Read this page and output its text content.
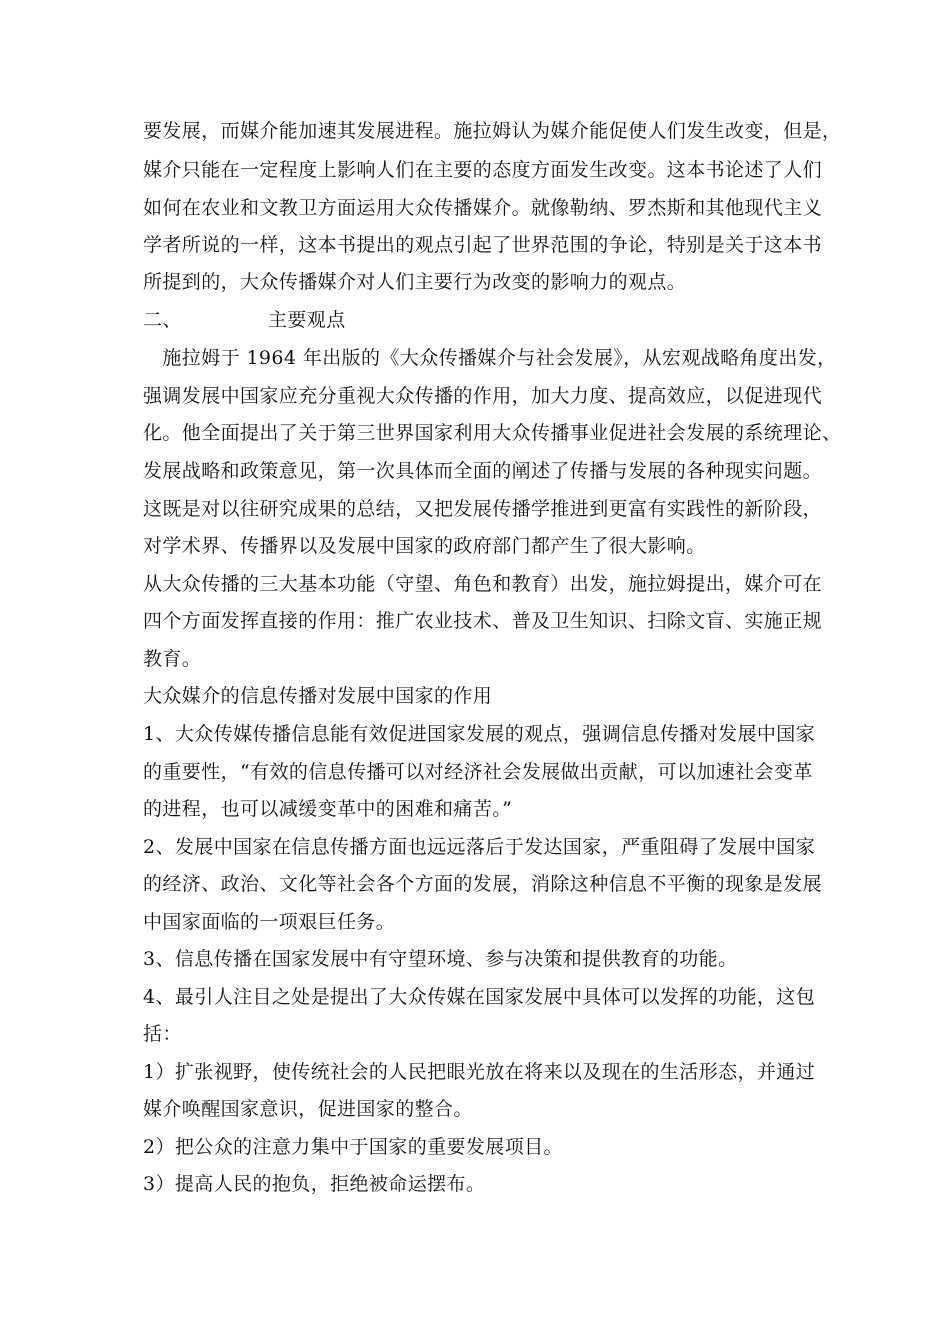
要发展，而媒介能加速其发展进程。施拉姆认为媒介能促使人们发生改变，但是，
媒介只能在一定程度上影响人们在主要的态度方面发生改变。这本书论述了人们
如何在农业和文教卫方面运用大众传播媒介。就像勒纳、罗杰斯和其他现代主义
学者所说的一样，这本书提出的观点引起了世界范围的争论，特别是关于这本书
所提到的，大众传播媒介对人们主要行为改变的影响力的观点。
二、	主要观点
　施拉姆于 1964 年出版的《大众传播媒介与社会发展》，从宏观战略角度出发，
强调发展中国家应充分重视大众传播的作用，加大力度、提高效应，以促进现代
化。他全面提出了关于第三世界国家利用大众传播事业促进社会发展的系统理论、
发展战略和政策意见，第一次具体而全面的阐述了传播与发展的各种现实问题。
这既是对以往研究成果的总结，又把发展传播学推进到更富有实践性的新阶段，
对学术界、传播界以及发展中国家的政府部门都产生了很大影响。
从大众传播的三大基本功能（守望、角色和教育）出发，施拉姆提出，媒介可在
四个方面发挥直接的作用：推广农业技术、普及卫生知识、扫除文盲、实施正规
教育。
大众媒介的信息传播对发展中国家的作用
1、大众传媒传播信息能有效促进国家发展的观点，强调信息传播对发展中国家
的重要性，“有效的信息传播可以对经济社会发展做出贡献，可以加速社会变革
的进程，也可以减缓变革中的困难和痛苦。”
2、发展中国家在信息传播方面也远远落后于发达国家，严重阻碍了发展中国家
的经济、政治、文化等社会各个方面的发展，消除这种信息不平衡的现象是发展
中国家面临的一项艰巨任务。
3、信息传播在国家发展中有守望环境、参与决策和提供教育的功能。
4、最引人注目之处是提出了大众传媒在国家发展中具体可以发挥的功能，这包
括：
1）扩张视野，使传统社会的人民把眼光放在将来以及现在的生活形态，并通过
媒介唤醒国家意识，促进国家的整合。
2）把公众的注意力集中于国家的重要发展项目。
3）提高人民的抱负，拒绝被命运摆布。
